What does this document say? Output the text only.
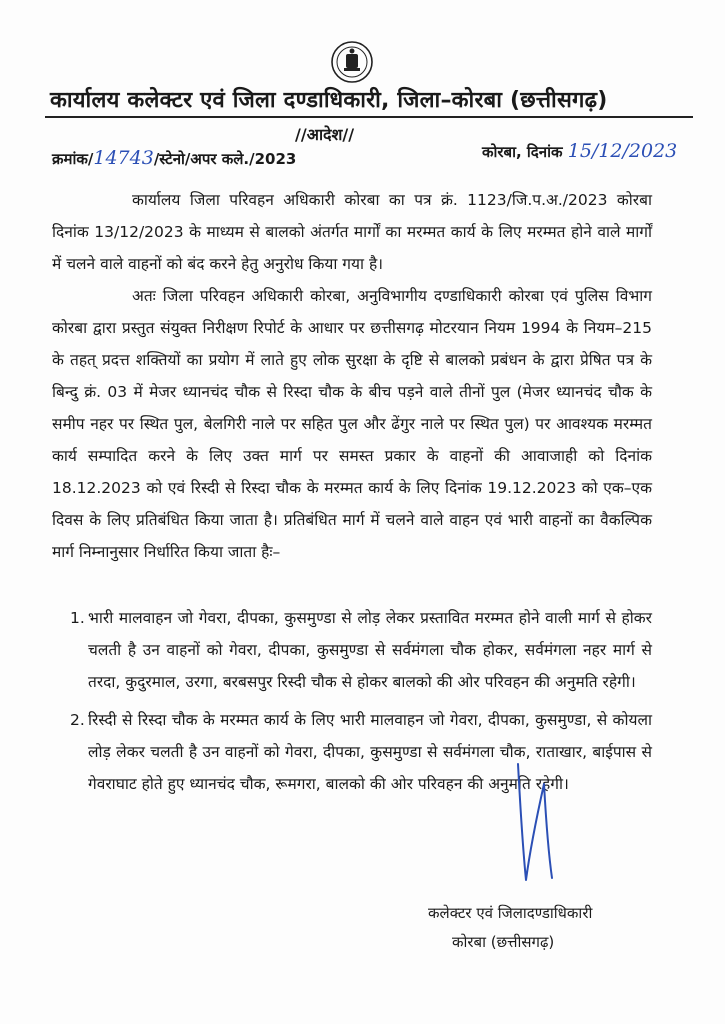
कार्यालय कलेक्टर एवं जिला दण्डाधिकारी, जिला–कोरबा (छत्तीसगढ़)
//आदेश//
क्रमांक/14743/स्टेनो/अपर कले./2023	कोरबा, दिनांक 15/12/2023

कार्यालय जिला परिवहन अधिकारी कोरबा का पत्र क्रं. 1123/जि.प.अ./2023 कोरबा दिनांक 13/12/2023 के माध्यम से बालको अंतर्गत मार्गों का मरम्मत कार्य के लिए मरम्मत होने वाले मार्गों में चलने वाले वाहनों को बंद करने हेतु अनुरोध किया गया है।

अतः जिला परिवहन अधिकारी कोरबा, अनुविभागीय दण्डाधिकारी कोरबा एवं पुलिस विभाग कोरबा द्वारा प्रस्तुत संयुक्त निरीक्षण रिपोर्ट के आधार पर छत्तीसगढ़ मोटरयान नियम 1994 के नियम–215 के तहत् प्रदत्त शक्तियों का प्रयोग में लाते हुए लोक सुरक्षा के दृष्टि से बालको प्रबंधन के द्वारा प्रेषित पत्र के बिन्दु क्रं. 03 में मेजर ध्यानचंद चौक से रिस्दा चौक के बीच पड़ने वाले तीनों पुल (मेजर ध्यानचंद चौक के समीप नहर पर स्थित पुल, बेलगिरी नाले पर सहित पुल और ढेंगुर नाले पर स्थित पुल) पर आवश्यक मरम्मत कार्य सम्पादित करने के लिए उक्त मार्ग पर समस्त प्रकार के वाहनों की आवाजाही को दिनांक 18.12.2023 को एवं रिस्दी से रिस्दा चौक के मरम्मत कार्य के लिए दिनांक 19.12.2023 को एक–एक दिवस के लिए प्रतिबंधित किया जाता है। प्रतिबंधित मार्ग में चलने वाले वाहन एवं भारी वाहनों का वैकल्पिक मार्ग निम्नानुसार निर्धारित किया जाता हैः–

1. भारी मालवाहन जो गेवरा, दीपका, कुसमुण्डा से लोड़ लेकर प्रस्तावित मरम्मत होने वाली मार्ग से होकर चलती है उन वाहनों को गेवरा, दीपका, कुसमुण्डा से सर्वमंगला चौक होकर, सर्वमंगला नहर मार्ग से तरदा, कुदुरमाल, उरगा, बरबसपुर रिस्दी चौक से होकर बालको की ओर परिवहन की अनुमति रहेगी।
2. रिस्दी से रिस्दा चौक के मरम्मत कार्य के लिए भारी मालवाहन जो गेवरा, दीपका, कुसमुण्डा, से कोयला लोड़ लेकर चलती है उन वाहनों को गेवरा, दीपका, कुसमुण्डा से सर्वमंगला चौक, राताखार, बाईपास से गेवराघाट होते हुए ध्यानचंद चौक, रूमगरा, बालको की ओर परिवहन की अनुमति रहेगी।
कलेक्टर एवं जिलादण्डाधिकारी
कोरबा (छत्तीसगढ़)
